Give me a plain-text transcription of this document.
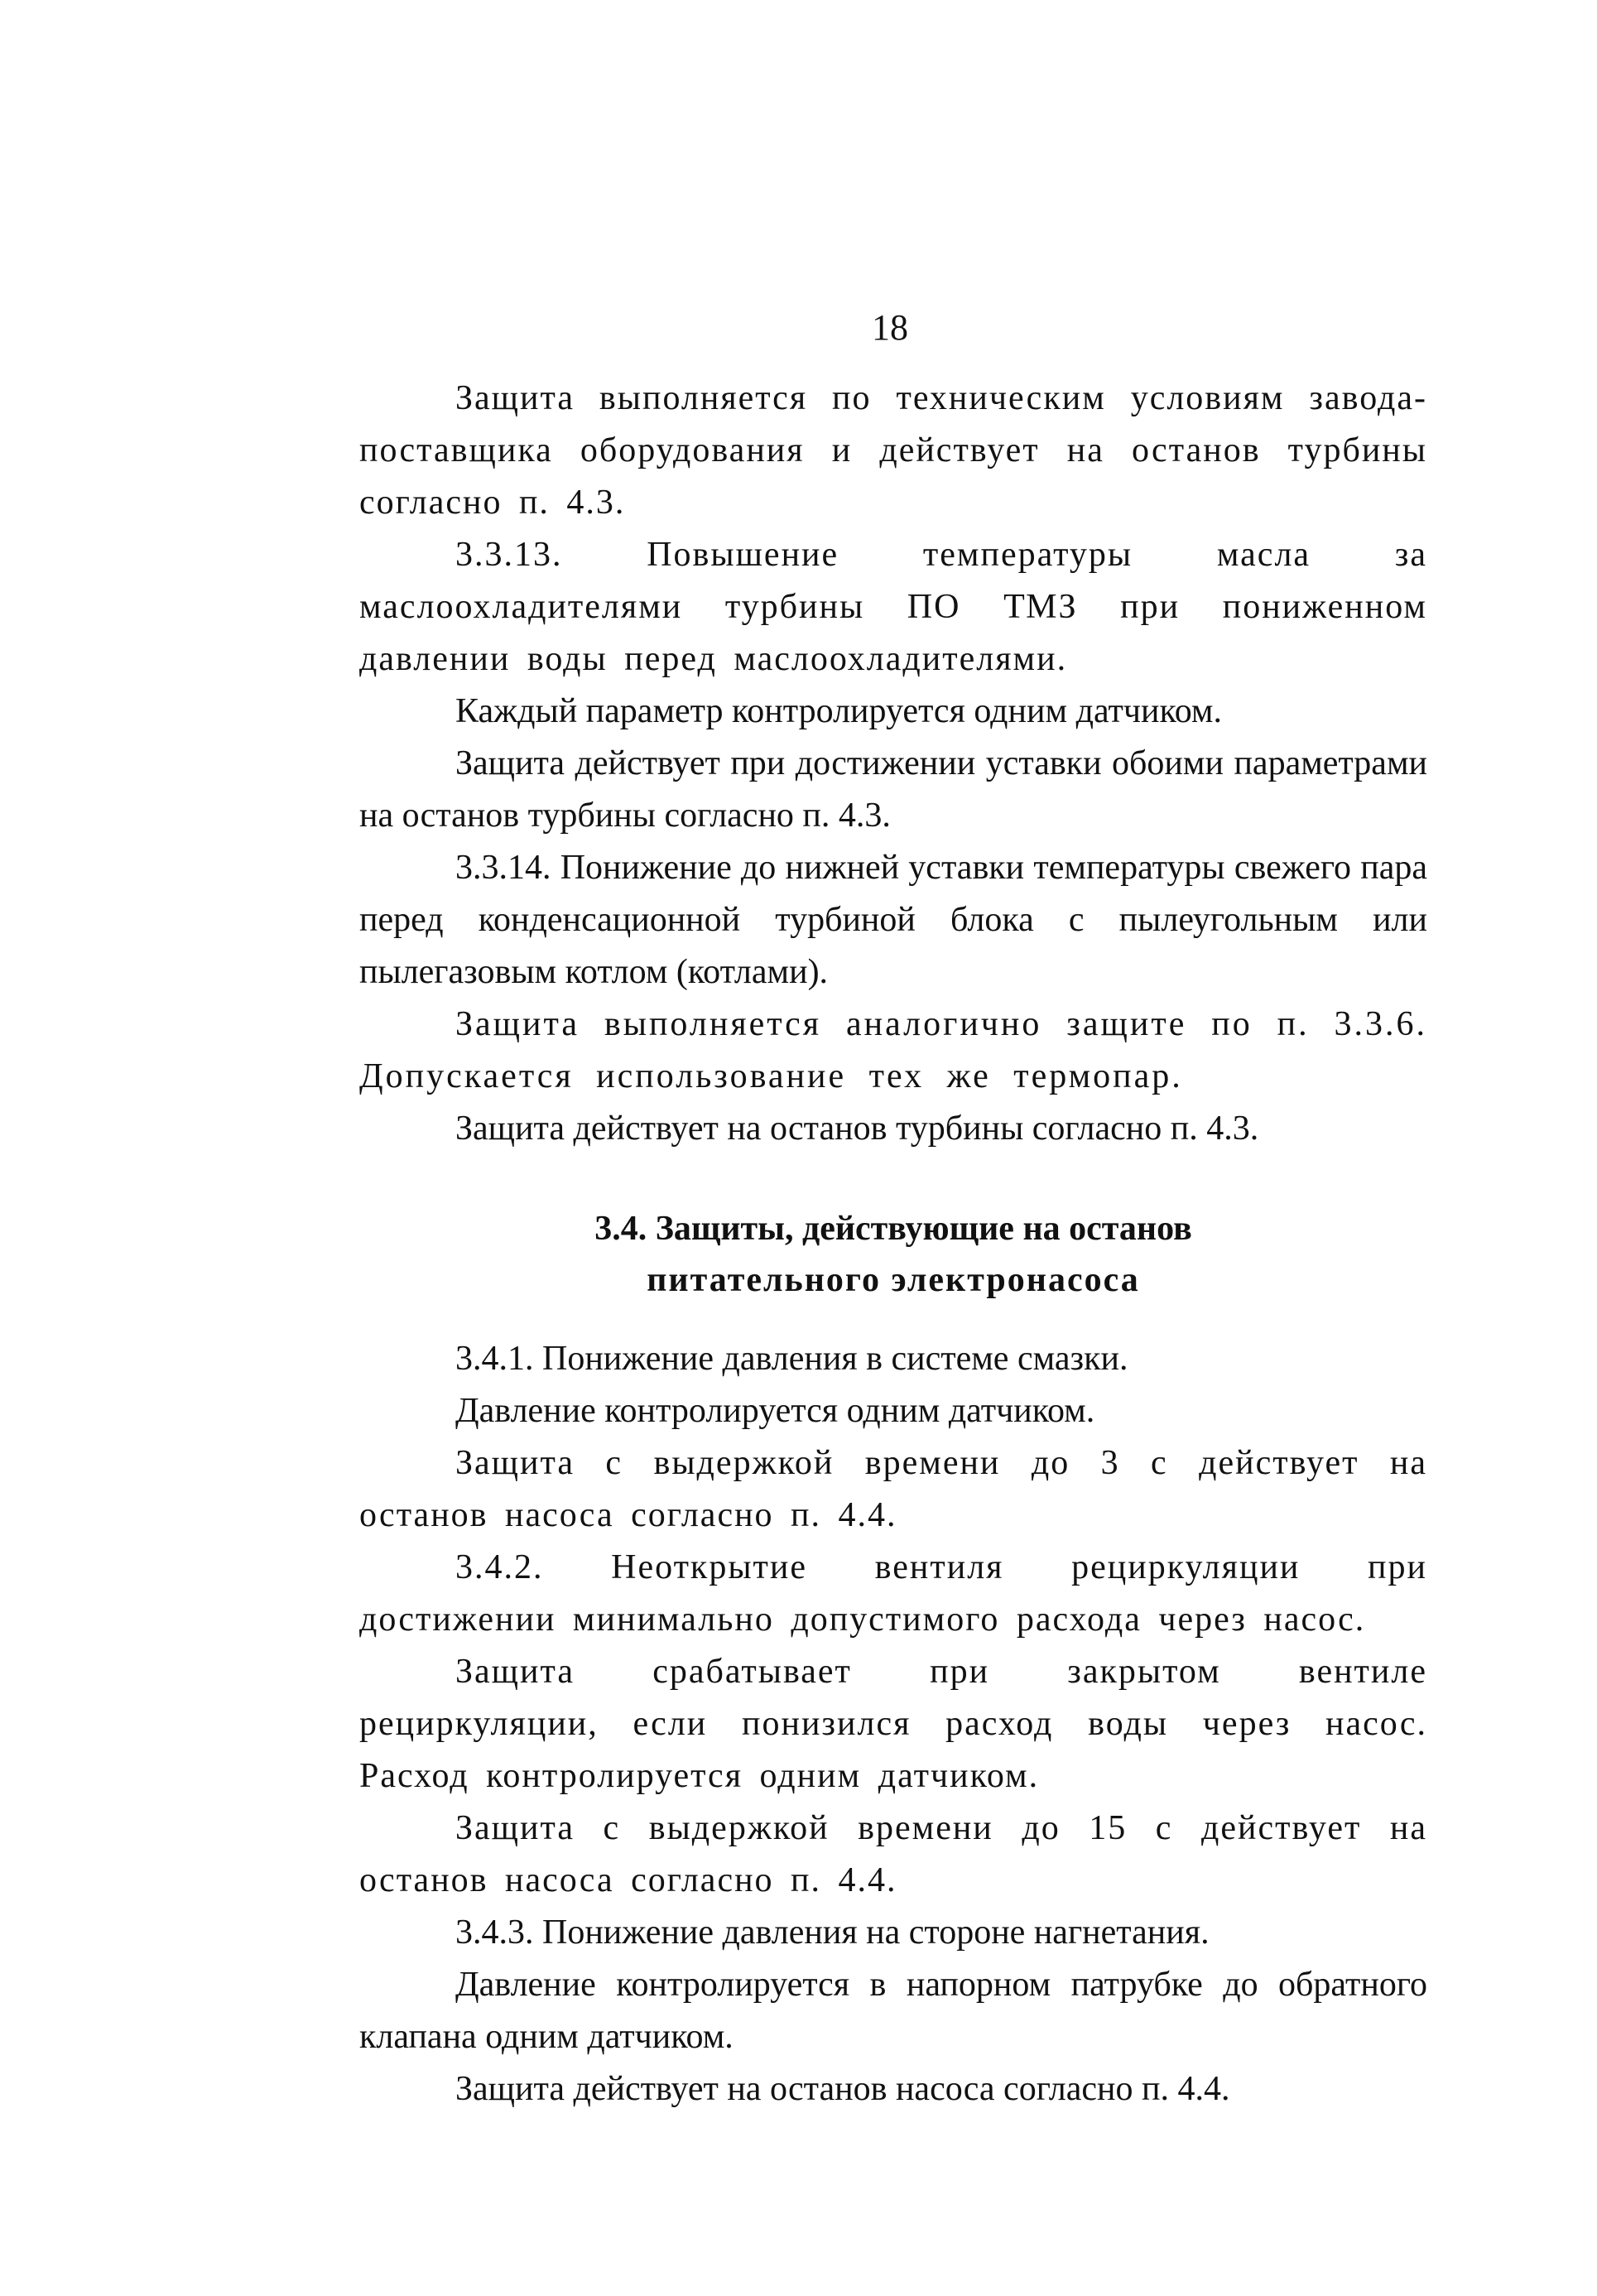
18

Защита выполняется по техническим условиям завода-поставщика оборудования и действует на останов турбины согласно п. 4.3.

3.3.13. Повышение температуры масла за маслоохладителями турбины ПО ТМЗ при пониженном давлении воды перед маслоохладителями.

Каждый параметр контролируется одним датчиком.

Защита действует при достижении уставки обоими параметрами на останов турбины согласно п. 4.3.

3.3.14. Понижение до нижней уставки температуры свежего пара перед конденсационной турбиной блока с пылеугольным или пылегазовым котлом (котлами).

Защита выполняется аналогично защите по п. 3.3.6. Допускается использование тех же термопар.

Защита действует на останов турбины согласно п. 4.3.

3.4. Защиты, действующие на останов
питательного электронасоса

3.4.1. Понижение давления в системе смазки.

Давление контролируется одним датчиком.

Защита с выдержкой времени до 3 с действует на останов насоса согласно п. 4.4.

3.4.2. Неоткрытие вентиля рециркуляции при достижении минимально допустимого расхода через насос.

Защита срабатывает при закрытом вентиле рециркуляции, если понизился расход воды через насос. Расход контролируется одним датчиком.

Защита с выдержкой времени до 15 с действует на останов насоса согласно п. 4.4.

3.4.3. Понижение давления на стороне нагнетания.

Давление контролируется в напорном патрубке до обратного клапана одним датчиком.

Защита действует на останов насоса согласно п. 4.4.
